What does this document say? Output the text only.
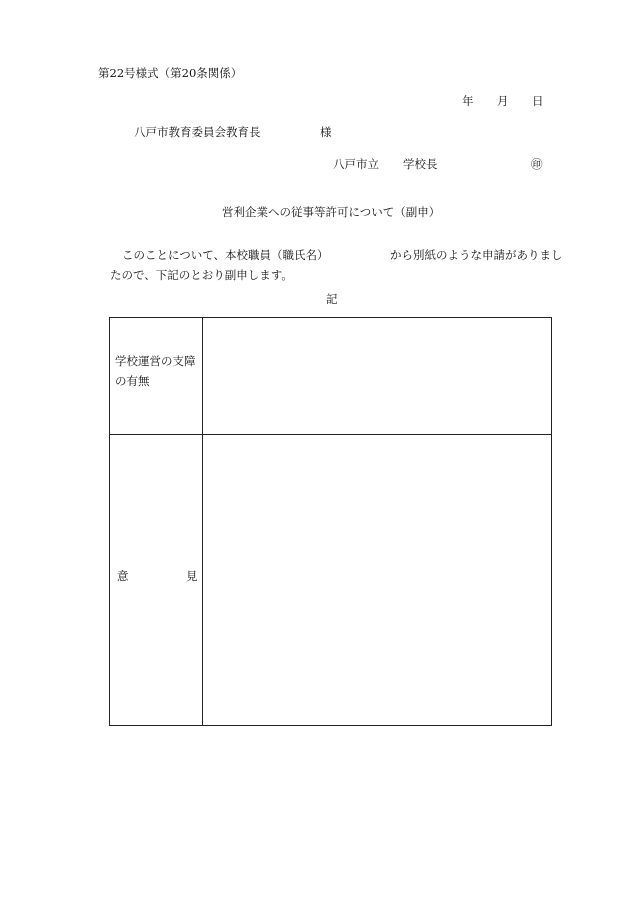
第22号様式（第20条関係）
年 月 日
八戸市教育委員会教育長	様
八戸市立 学校長	㊞
営利企業への従事等許可について（副申）
このことについて、本校職員（職氏名）	から別紙のような申請がありまし
たので、下記のとおり副申します。
記
学校運営の支障の有無
意	見
